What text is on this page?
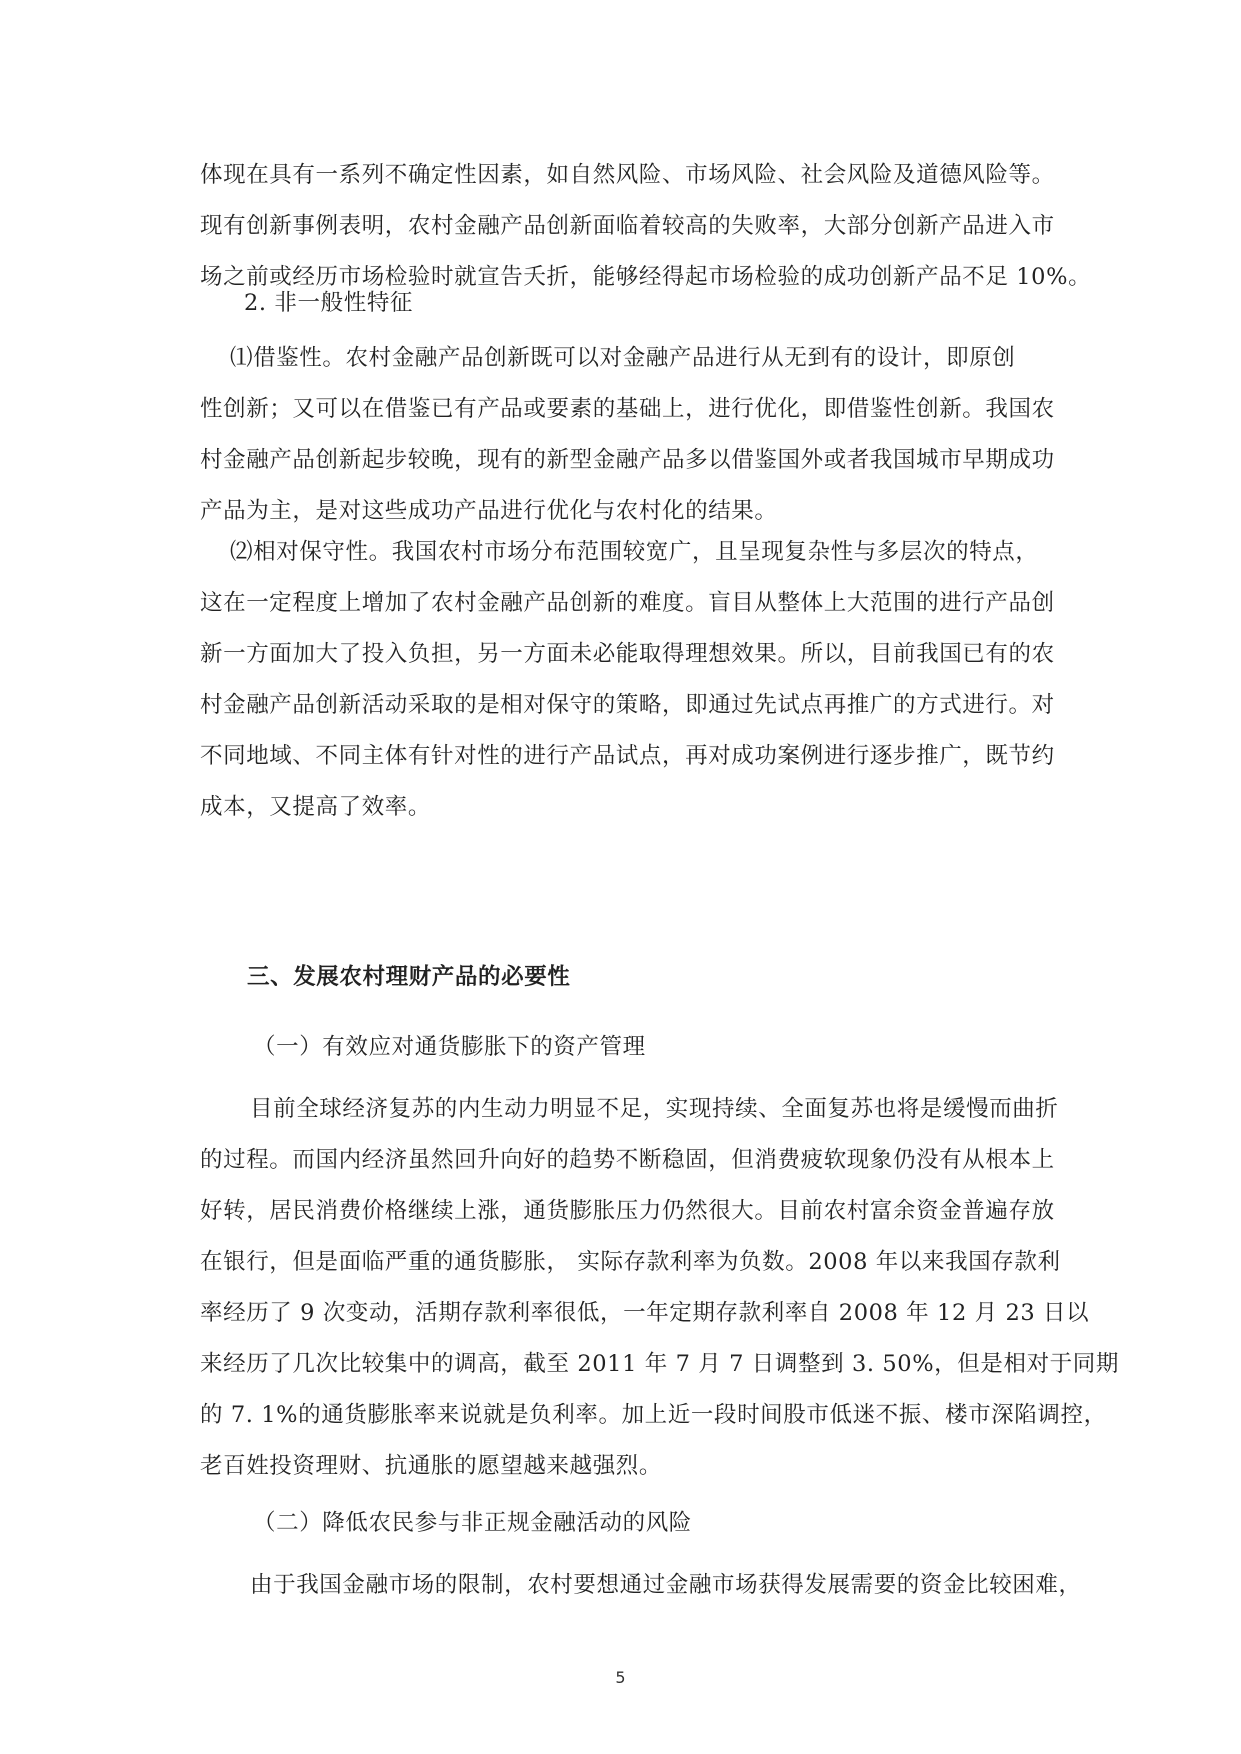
体现在具有一系列不确定性因素，如自然风险、市场风险、社会风险及道德风险等。
现有创新事例表明，农村金融产品创新面临着较高的失败率，大部分创新产品进入市
场之前或经历市场检验时就宣告夭折，能够经得起市场检验的成功创新产品不足 10%。
2. 非一般性特征
⑴借鉴性。农村金融产品创新既可以对金融产品进行从无到有的设计，即原创
性创新；又可以在借鉴已有产品或要素的基础上，进行优化，即借鉴性创新。我国农
村金融产品创新起步较晚，现有的新型金融产品多以借鉴国外或者我国城市早期成功
产品为主，是对这些成功产品进行优化与农村化的结果。
⑵相对保守性。我国农村市场分布范围较宽广，且呈现复杂性与多层次的特点，
这在一定程度上增加了农村金融产品创新的难度。盲目从整体上大范围的进行产品创
新一方面加大了投入负担，另一方面未必能取得理想效果。所以，目前我国已有的农
村金融产品创新活动采取的是相对保守的策略，即通过先试点再推广的方式进行。对
不同地域、不同主体有针对性的进行产品试点，再对成功案例进行逐步推广，既节约
成本，又提高了效率。
三、发展农村理财产品的必要性
（一）有效应对通货膨胀下的资产管理
目前全球经济复苏的内生动力明显不足，实现持续、全面复苏也将是缓慢而曲折
的过程。而国内经济虽然回升向好的趋势不断稳固，但消费疲软现象仍没有从根本上
好转，居民消费价格继续上涨，通货膨胀压力仍然很大。目前农村富余资金普遍存放
在银行，但是面临严重的通货膨胀， 实际存款利率为负数。2008 年以来我国存款利
率经历了 9 次变动，活期存款利率很低，一年定期存款利率自 2008 年 12 月 23 日以
来经历了几次比较集中的调高，截至 2011 年 7 月 7 日调整到 3. 50%，但是相对于同期
的 7. 1%的通货膨胀率来说就是负利率。加上近一段时间股市低迷不振、楼市深陷调控，
老百姓投资理财、抗通胀的愿望越来越强烈。
（二）降低农民参与非正规金融活动的风险
由于我国金融市场的限制，农村要想通过金融市场获得发展需要的资金比较困难，
5
